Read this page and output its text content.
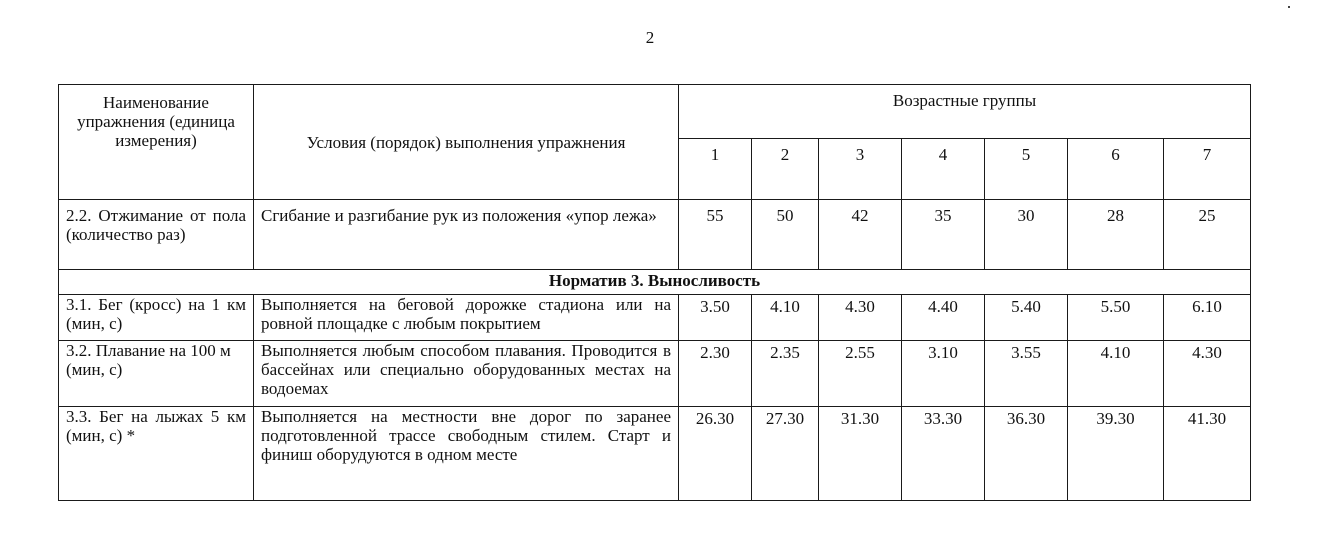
2
Наименование упражнения (единица измерения)	Условия (порядок) выполнения упражнения	Возрастные группы						
		1	2	3	4	5	6	7
2.2. Отжимание от пола (количество раз)	Сгибание и разгибание рук из положения «упор лежа»	55	50	42	35	30	28	25
Норматив 3. Выносливость								
3.1. Бег (кросс) на 1 км (мин, с)	Выполняется на беговой дорожке стадиона или на ровной площадке с любым покрытием	3.50	4.10	4.30	4.40	5.40	5.50	6.10
3.2. Плавание на 100 м (мин, с)	Выполняется любым способом плавания. Проводится в бассейнах или специально оборудованных местах на водоемах	2.30	2.35	2.55	3.10	3.55	4.10	4.30
3.3. Бег на лыжах 5 км (мин, с) *	Выполняется на местности вне дорог по заранее подготовленной трассе свободным стилем. Старт и финиш оборудуются в одном месте	26.30	27.30	31.30	33.30	36.30	39.30	41.30
